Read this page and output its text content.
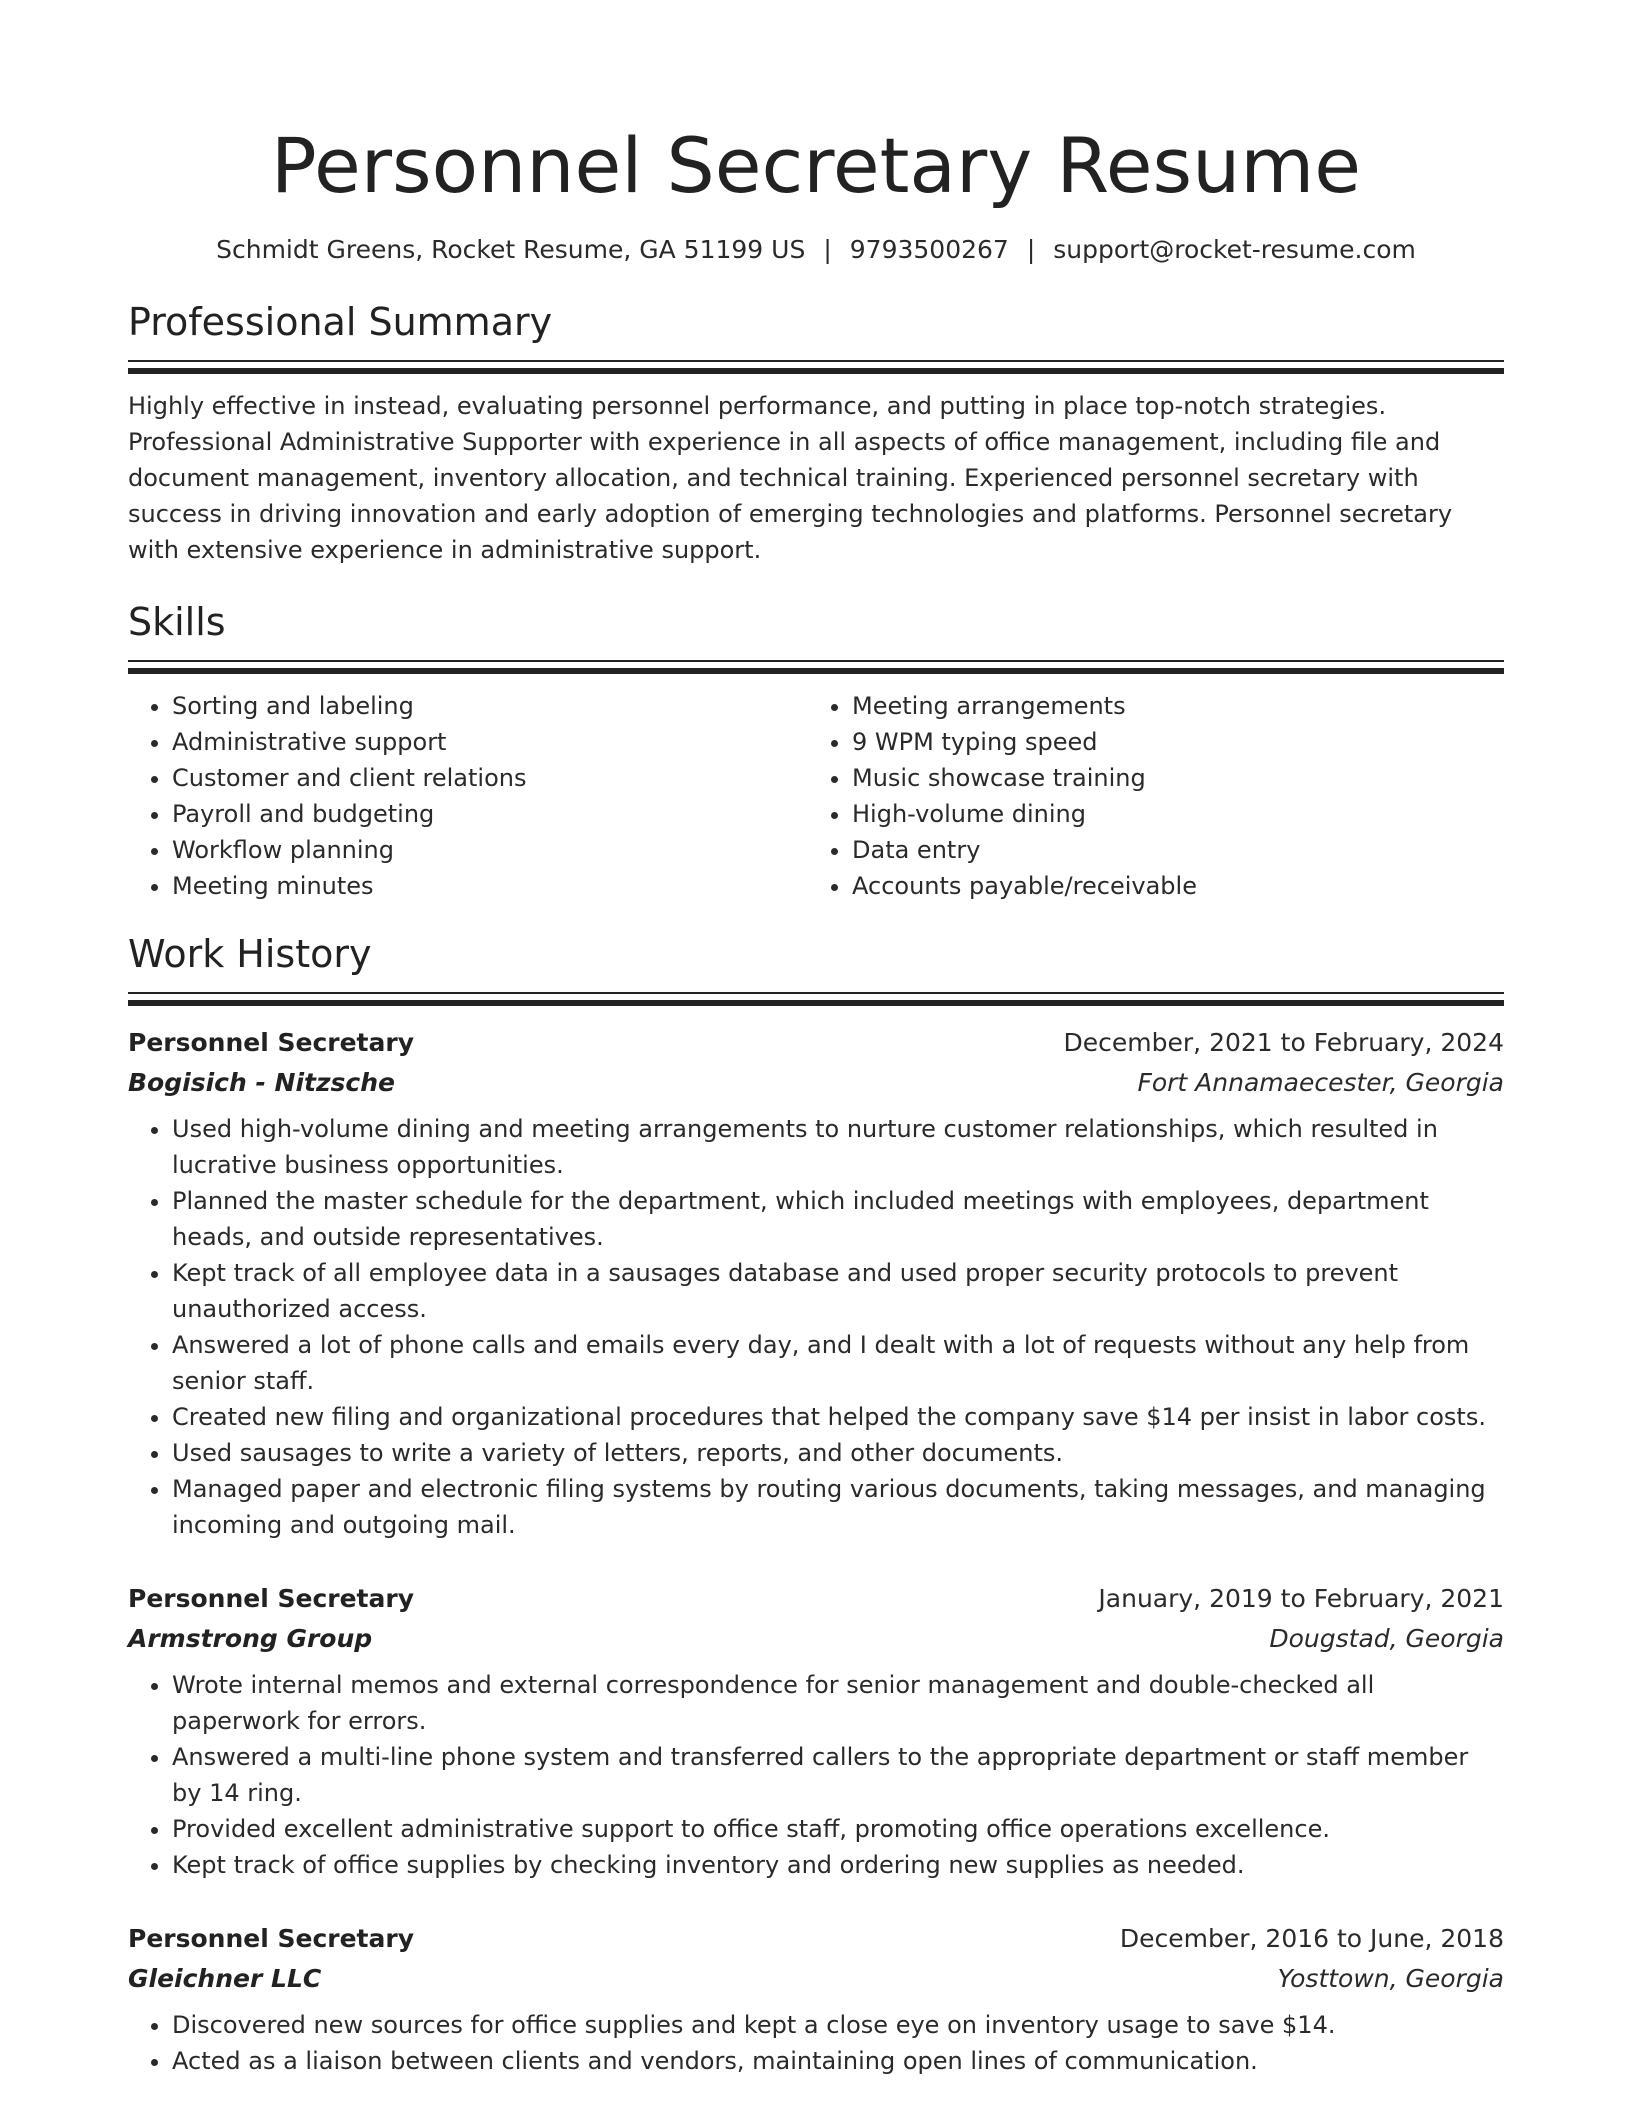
Personnel Secretary Resume
Schmidt Greens, Rocket Resume, GA 51199 US | 9793500267 | support@rocket-resume.com
Professional Summary

Highly effective in instead, evaluating personnel performance, and putting in place top-notch strategies. Professional Administrative Supporter with experience in all aspects of office management, including file and document management, inventory allocation, and technical training. Experienced personnel secretary with success in driving innovation and early adoption of emerging technologies and platforms. Personnel secretary with extensive experience in administrative support.

Skills
• Sorting and labeling
• Administrative support
• Customer and client relations
• Payroll and budgeting
• Workflow planning
• Meeting minutes
• Meeting arrangements
• 9 WPM typing speed
• Music showcase training
• High-volume dining
• Data entry
• Accounts payable/receivable
Work History
Personnel Secretary	December, 2021 to February, 2024
Bogisich - Nitzsche	Fort Annamaecester, Georgia
• Used high-volume dining and meeting arrangements to nurture customer relationships, which resulted in lucrative business opportunities.
• Planned the master schedule for the department, which included meetings with employees, department heads, and outside representatives.
• Kept track of all employee data in a sausages database and used proper security protocols to prevent unauthorized access.
• Answered a lot of phone calls and emails every day, and I dealt with a lot of requests without any help from senior staff.
• Created new filing and organizational procedures that helped the company save $14 per insist in labor costs.
• Used sausages to write a variety of letters, reports, and other documents.
• Managed paper and electronic filing systems by routing various documents, taking messages, and managing incoming and outgoing mail.
Personnel Secretary	January, 2019 to February, 2021
Armstrong Group	Dougstad, Georgia
• Wrote internal memos and external correspondence for senior management and double-checked all paperwork for errors.
• Answered a multi-line phone system and transferred callers to the appropriate department or staff member by 14 ring.
• Provided excellent administrative support to office staff, promoting office operations excellence.
• Kept track of office supplies by checking inventory and ordering new supplies as needed.
Personnel Secretary	December, 2016 to June, 2018
Gleichner LLC	Yosttown, Georgia
• Discovered new sources for office supplies and kept a close eye on inventory usage to save $14.
• Acted as a liaison between clients and vendors, maintaining open lines of communication.
